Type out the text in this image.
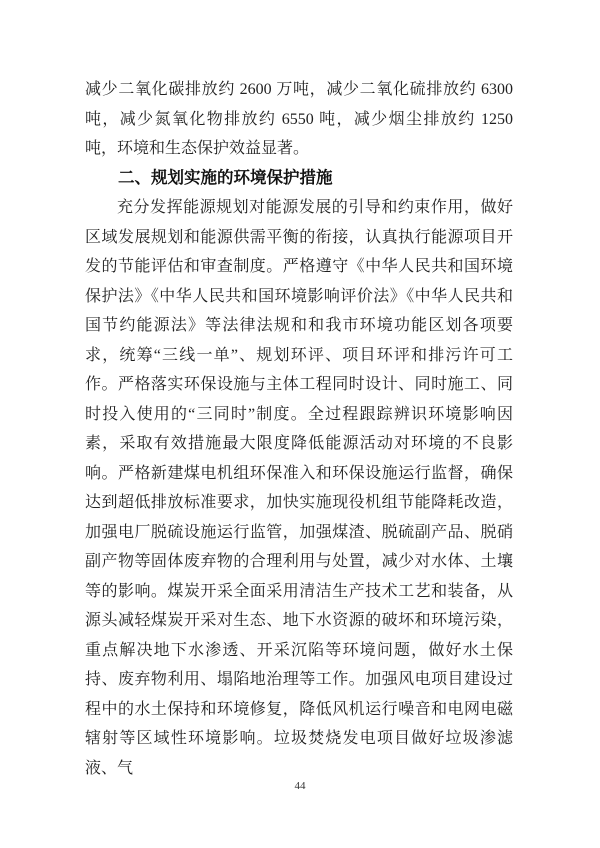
减少二氧化碳排放约 2600 万吨，减少二氧化硫排放约 6300 吨，减少氮氧化物排放约 6550 吨，减少烟尘排放约 1250 吨，环境和生态保护效益显著。

二、规划实施的环境保护措施

充分发挥能源规划对能源发展的引导和约束作用，做好区域发展规划和能源供需平衡的衔接，认真执行能源项目开发的节能评估和审查制度。严格遵守《中华人民共和国环境保护法》《中华人民共和国环境影响评价法》《中华人民共和国节约能源法》等法律法规和和我市环境功能区划各项要求，统筹“三线一单”、规划环评、项目环评和排污许可工作。严格落实环保设施与主体工程同时设计、同时施工、同时投入使用的“三同时”制度。全过程跟踪辨识环境影响因素，采取有效措施最大限度降低能源活动对环境的不良影响。严格新建煤电机组环保准入和环保设施运行监督，确保达到超低排放标准要求，加快实施现役机组节能降耗改造，加强电厂脱硫设施运行监管，加强煤渣、脱硫副产品、脱硝副产物等固体废弃物的合理利用与处置，减少对水体、土壤等的影响。煤炭开采全面采用清洁生产技术工艺和装备，从源头减轻煤炭开采对生态、地下水资源的破坏和环境污染，重点解决地下水渗透、开采沉陷等环境问题，做好水土保持、废弃物利用、塌陷地治理等工作。加强风电项目建设过程中的水土保持和环境修复，降低风机运行噪音和电网电磁辖射等区域性环境影响。垃圾焚烧发电项目做好垃圾渗滤液、气

44
